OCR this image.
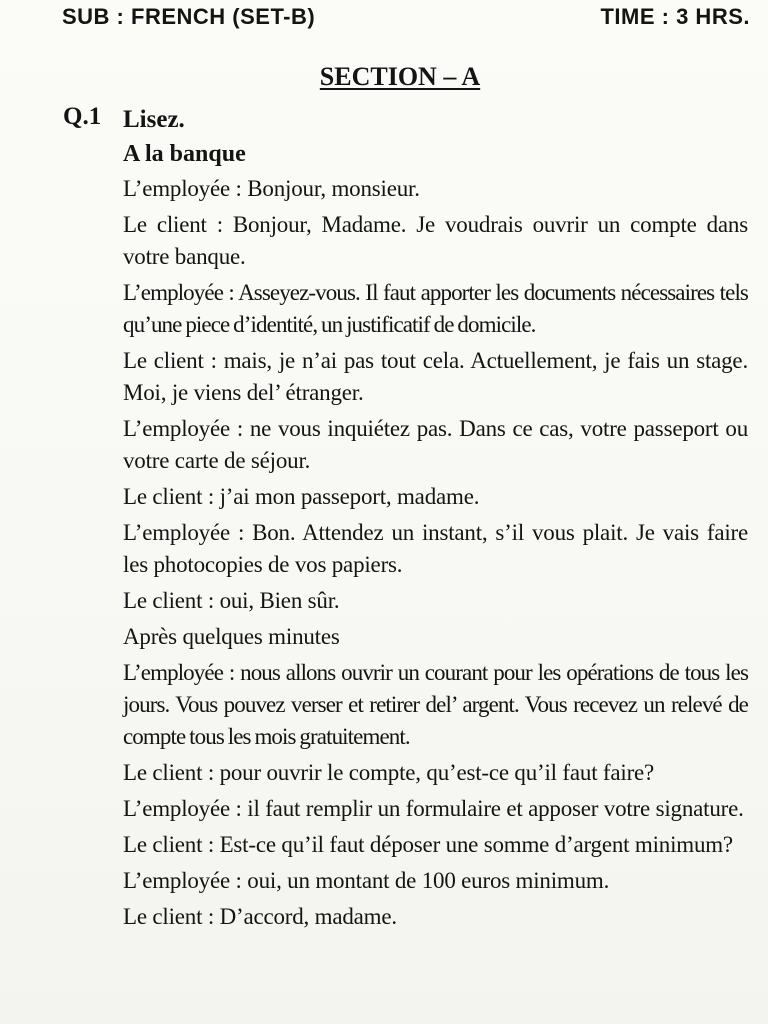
SUB : FRENCH (SET-B)	TIME : 3 HRS.
SECTION – A
Q.1 Lisez.
A la banque

L’employée : Bonjour, monsieur.

Le client : Bonjour, Madame. Je voudrais ouvrir un compte dans votre banque.

L’employée : Asseyez-vous. Il faut apporter les documents nécessaires tels qu’une piece d’identité, un justificatif de domicile.

Le client : mais, je n’ai pas tout cela. Actuellement, je fais un stage. Moi, je viens del’ étranger.

L’employée : ne vous inquiétez pas. Dans ce cas, votre passeport ou votre carte de séjour.

Le client : j’ai mon passeport, madame.

L’employée : Bon. Attendez un instant, s’il vous plait. Je vais faire les photocopies de vos papiers.

Le client : oui, Bien sûr.

Après quelques minutes

L’employée : nous allons ouvrir un courant pour les opérations de tous les jours. Vous pouvez verser et retirer del’ argent. Vous recevez un relevé de compte tous les mois gratuitement.

Le client : pour ouvrir le compte, qu’est-ce qu’il faut faire?

L’employée : il faut remplir un formulaire et apposer votre signature.

Le client : Est-ce qu’il faut déposer une somme d’argent minimum?

L’employée : oui, un montant de 100 euros minimum.

Le client : D’accord, madame.
